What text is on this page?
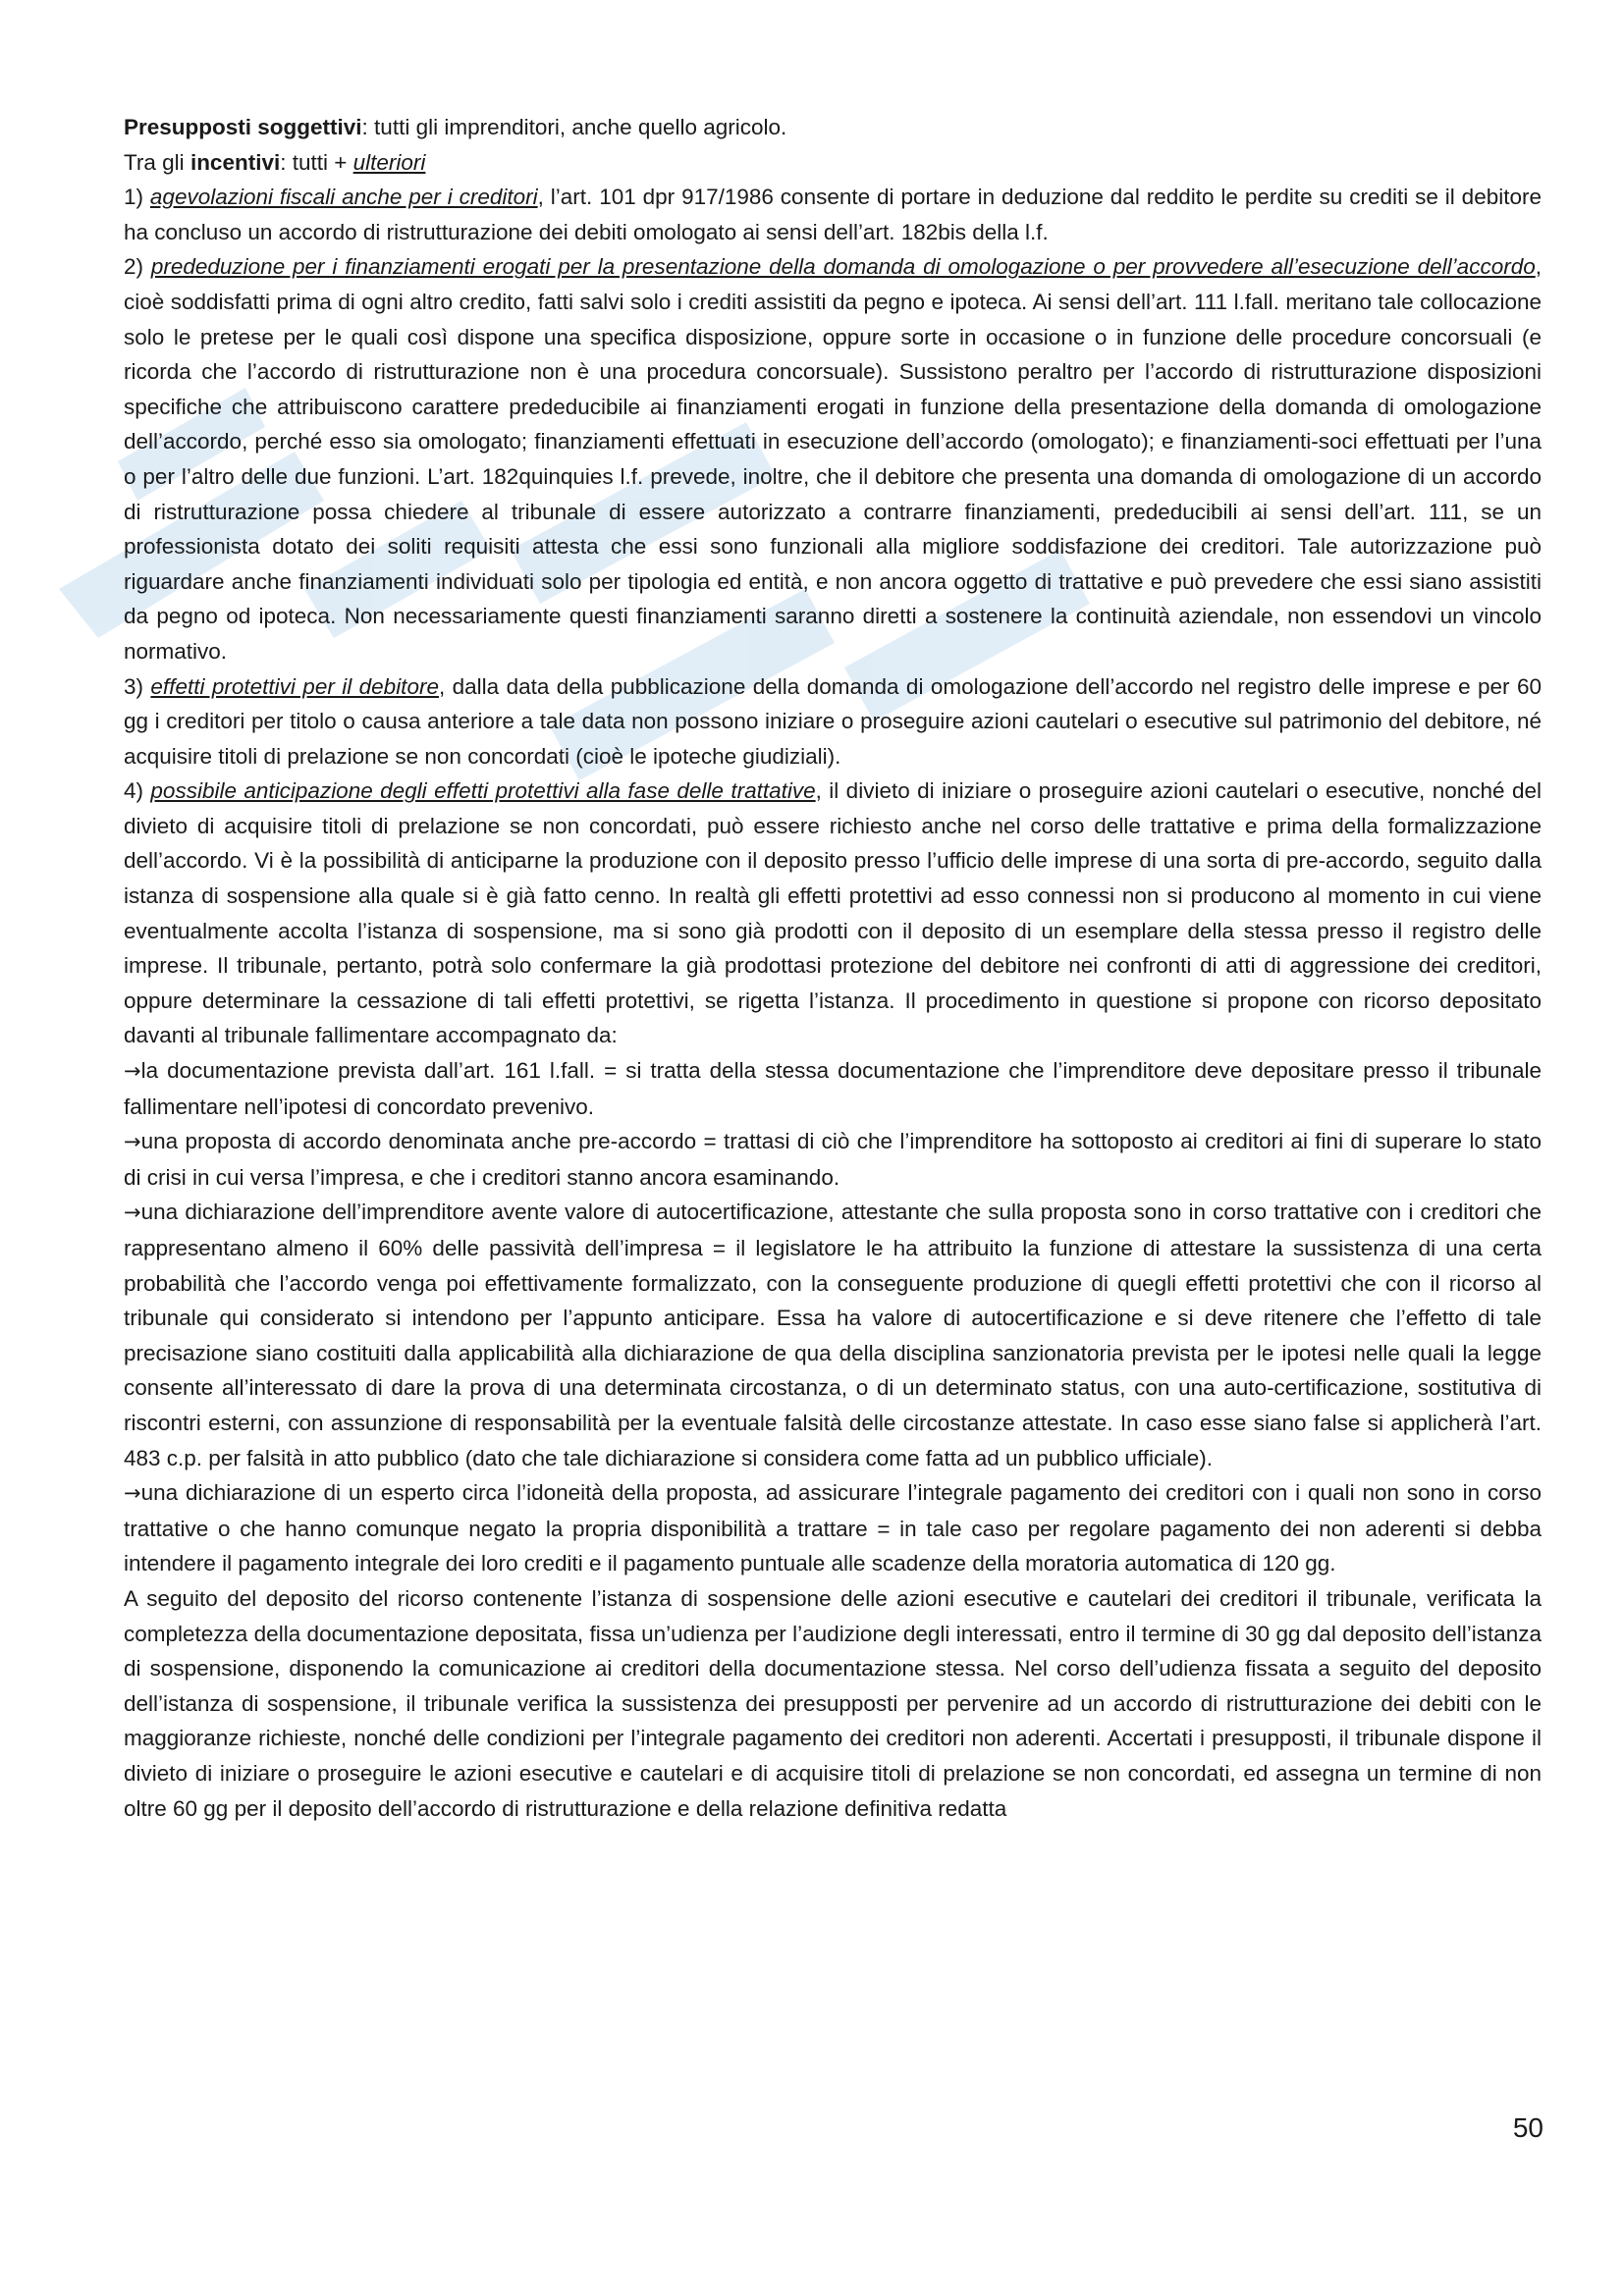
Presupposti soggettivi: tutti gli imprenditori, anche quello agricolo.

Tra gli incentivi: tutti + ulteriori

1) agevolazioni fiscali anche per i creditori, l’art. 101 dpr 917/1986 consente di portare in deduzione dal reddito le perdite su crediti se il debitore ha concluso un accordo di ristrutturazione dei debiti omologato ai sensi dell’art. 182bis della l.f.

2) prededuzione per i finanziamenti erogati per la presentazione della domanda di omologazione o per provvedere all’esecuzione dell’accordo, cioè soddisfatti prima di ogni altro credito, fatti salvi solo i crediti assistiti da pegno e ipoteca. Ai sensi dell’art. 111 l.fall. meritano tale collocazione solo le pretese per le quali così dispone una specifica disposizione, oppure sorte in occasione o in funzione delle procedure concorsuali (e ricorda che l’accordo di ristrutturazione non è una procedura concorsuale). Sussistono peraltro per l’accordo di ristrutturazione disposizioni specifiche che attribuiscono carattere prededucibile ai finanziamenti erogati in funzione della presentazione della domanda di omologazione dell’accordo, perché esso sia omologato; finanziamenti effettuati in esecuzione dell’accordo (omologato); e finanziamenti-soci effettuati per l’una o per l’altro delle due funzioni. L’art. 182quinquies l.f. prevede, inoltre, che il debitore che presenta una domanda di omologazione di un accordo di ristrutturazione possa chiedere al tribunale di essere autorizzato a contrarre finanziamenti, prededucibili ai sensi dell’art. 111, se un professionista dotato dei soliti requisiti attesta che essi sono funzionali alla migliore soddisfazione dei creditori. Tale autorizzazione può riguardare anche finanziamenti individuati solo per tipologia ed entità, e non ancora oggetto di trattative e può prevedere che essi siano assistiti da pegno od ipoteca. Non necessariamente questi finanziamenti saranno diretti a sostenere la continuità aziendale, non essendovi un vincolo normativo.

3) effetti protettivi per il debitore, dalla data della pubblicazione della domanda di omologazione dell’accordo nel registro delle imprese e per 60 gg i creditori per titolo o causa anteriore a tale data non possono iniziare o proseguire azioni cautelari o esecutive sul patrimonio del debitore, né acquisire titoli di prelazione se non concordati (cioè le ipoteche giudiziali).

4) possibile anticipazione degli effetti protettivi alla fase delle trattative, il divieto di iniziare o proseguire azioni cautelari o esecutive, nonché del divieto di acquisire titoli di prelazione se non concordati, può essere richiesto anche nel corso delle trattative e prima della formalizzazione dell’accordo. Vi è la possibilità di anticiparne la produzione con il deposito presso l’ufficio delle imprese di una sorta di pre-accordo, seguito dalla istanza di sospensione alla quale si è già fatto cenno. In realtà gli effetti protettivi ad esso connessi non si producono al momento in cui viene eventualmente accolta l’istanza di sospensione, ma si sono già prodotti con il deposito di un esemplare della stessa presso il registro delle imprese. Il tribunale, pertanto, potrà solo confermare la già prodottasi protezione del debitore nei confronti di atti di aggressione dei creditori, oppure determinare la cessazione di tali effetti protettivi, se rigetta l’istanza. Il procedimento in questione si propone con ricorso depositato davanti al tribunale fallimentare accompagnato da:

→la documentazione prevista dall’art. 161 l.fall. = si tratta della stessa documentazione che l’imprenditore deve depositare presso il tribunale fallimentare nell’ipotesi di concordato prevenivo.

→una proposta di accordo denominata anche pre-accordo = trattasi di ciò che l’imprenditore ha sottoposto ai creditori ai fini di superare lo stato di crisi in cui versa l’impresa, e che i creditori stanno ancora esaminando.

→una dichiarazione dell’imprenditore avente valore di autocertificazione, attestante che sulla proposta sono in corso trattative con i creditori che rappresentano almeno il 60% delle passività dell’impresa = il legislatore le ha attribuito la funzione di attestare la sussistenza di una certa probabilità che l’accordo venga poi effettivamente formalizzato, con la conseguente produzione di quegli effetti protettivi che con il ricorso al tribunale qui considerato si intendono per l’appunto anticipare. Essa ha valore di autocertificazione e si deve ritenere che l’effetto di tale precisazione siano costituiti dalla applicabilità alla dichiarazione de qua della disciplina sanzionatoria prevista per le ipotesi nelle quali la legge consente all’interessato di dare la prova di una determinata circostanza, o di un determinato status, con una auto-certificazione, sostitutiva di riscontri esterni, con assunzione di responsabilità per la eventuale falsità delle circostanze attestate. In caso esse siano false si applicherà l’art. 483 c.p. per falsità in atto pubblico (dato che tale dichiarazione si considera come fatta ad un pubblico ufficiale).

→una dichiarazione di un esperto circa l’idoneità della proposta, ad assicurare l’integrale pagamento dei creditori con i quali non sono in corso trattative o che hanno comunque negato la propria disponibilità a trattare = in tale caso per regolare pagamento dei non aderenti si debba intendere il pagamento integrale dei loro crediti e il pagamento puntuale alle scadenze della moratoria automatica di 120 gg.

A seguito del deposito del ricorso contenente l’istanza di sospensione delle azioni esecutive e cautelari dei creditori il tribunale, verificata la completezza della documentazione depositata, fissa un’udienza per l’audizione degli interessati, entro il termine di 30 gg dal deposito dell’istanza di sospensione, disponendo la comunicazione ai creditori della documentazione stessa. Nel corso dell’udienza fissata a seguito del deposito dell’istanza di sospensione, il tribunale verifica la sussistenza dei presupposti per pervenire ad un accordo di ristrutturazione dei debiti con le maggioranze richieste, nonché delle condizioni per l’integrale pagamento dei creditori non aderenti. Accertati i presupposti, il tribunale dispone il divieto di iniziare o proseguire le azioni esecutive e cautelari e di acquisire titoli di prelazione se non concordati, ed assegna un termine di non oltre 60 gg per il deposito dell’accordo di ristrutturazione e della relazione definitiva redatta

50
